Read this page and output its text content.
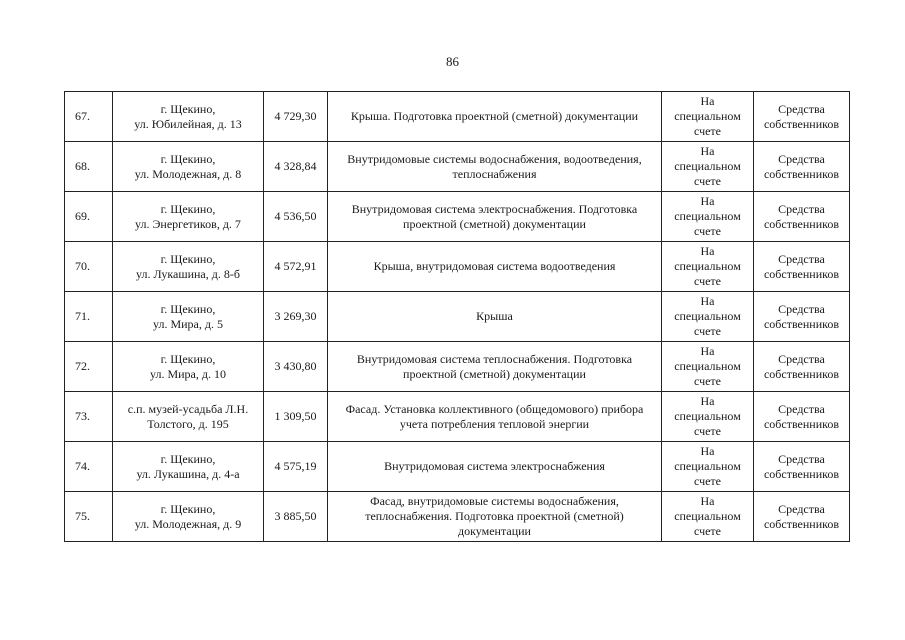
86
67.	г. Щекино,
ул. Юбилейная, д. 13	4 729,30	Крыша. Подготовка проектной (сметной) документации	На
специальном
счете	Средства
собственников

68.	г. Щекино,
ул. Молодежная, д. 8	4 328,84	Внутридомовые системы водоснабжения, водоотведения,
теплоснабжения	На
специальном
счете	Средства
собственников

69.	г. Щекино,
ул. Энергетиков, д. 7	4 536,50	Внутридомовая система электроснабжения. Подготовка
проектной (сметной) документации	На
специальном
счете	Средства
собственников

70.	г. Щекино,
ул. Лукашина, д. 8-б	4 572,91	Крыша, внутридомовая система водоотведения	На
специальном
счете	Средства
собственников

71.	г. Щекино,
ул. Мира, д. 5	3 269,30	Крыша	На
специальном
счете	Средства
собственников

72.	г. Щекино,
ул. Мира, д. 10	3 430,80	Внутридомовая система теплоснабжения. Подготовка
проектной (сметной) документации	На
специальном
счете	Средства
собственников

73.	с.п. музей-усадьба Л.Н.
Толстого, д. 195	1 309,50	Фасад. Установка коллективного (общедомового) прибора
учета потребления тепловой энергии	На
специальном
счете	Средства
собственников

74.	г. Щекино,
ул. Лукашина, д. 4-а	4 575,19	Внутридомовая система электроснабжения	На
специальном
счете	Средства
собственников

75.	г. Щекино,
ул. Молодежная, д. 9	3 885,50	Фасад, внутридомовые системы водоснабжения,
теплоснабжения. Подготовка проектной (сметной)
документации	На
специальном
счете	Средства
собственников
